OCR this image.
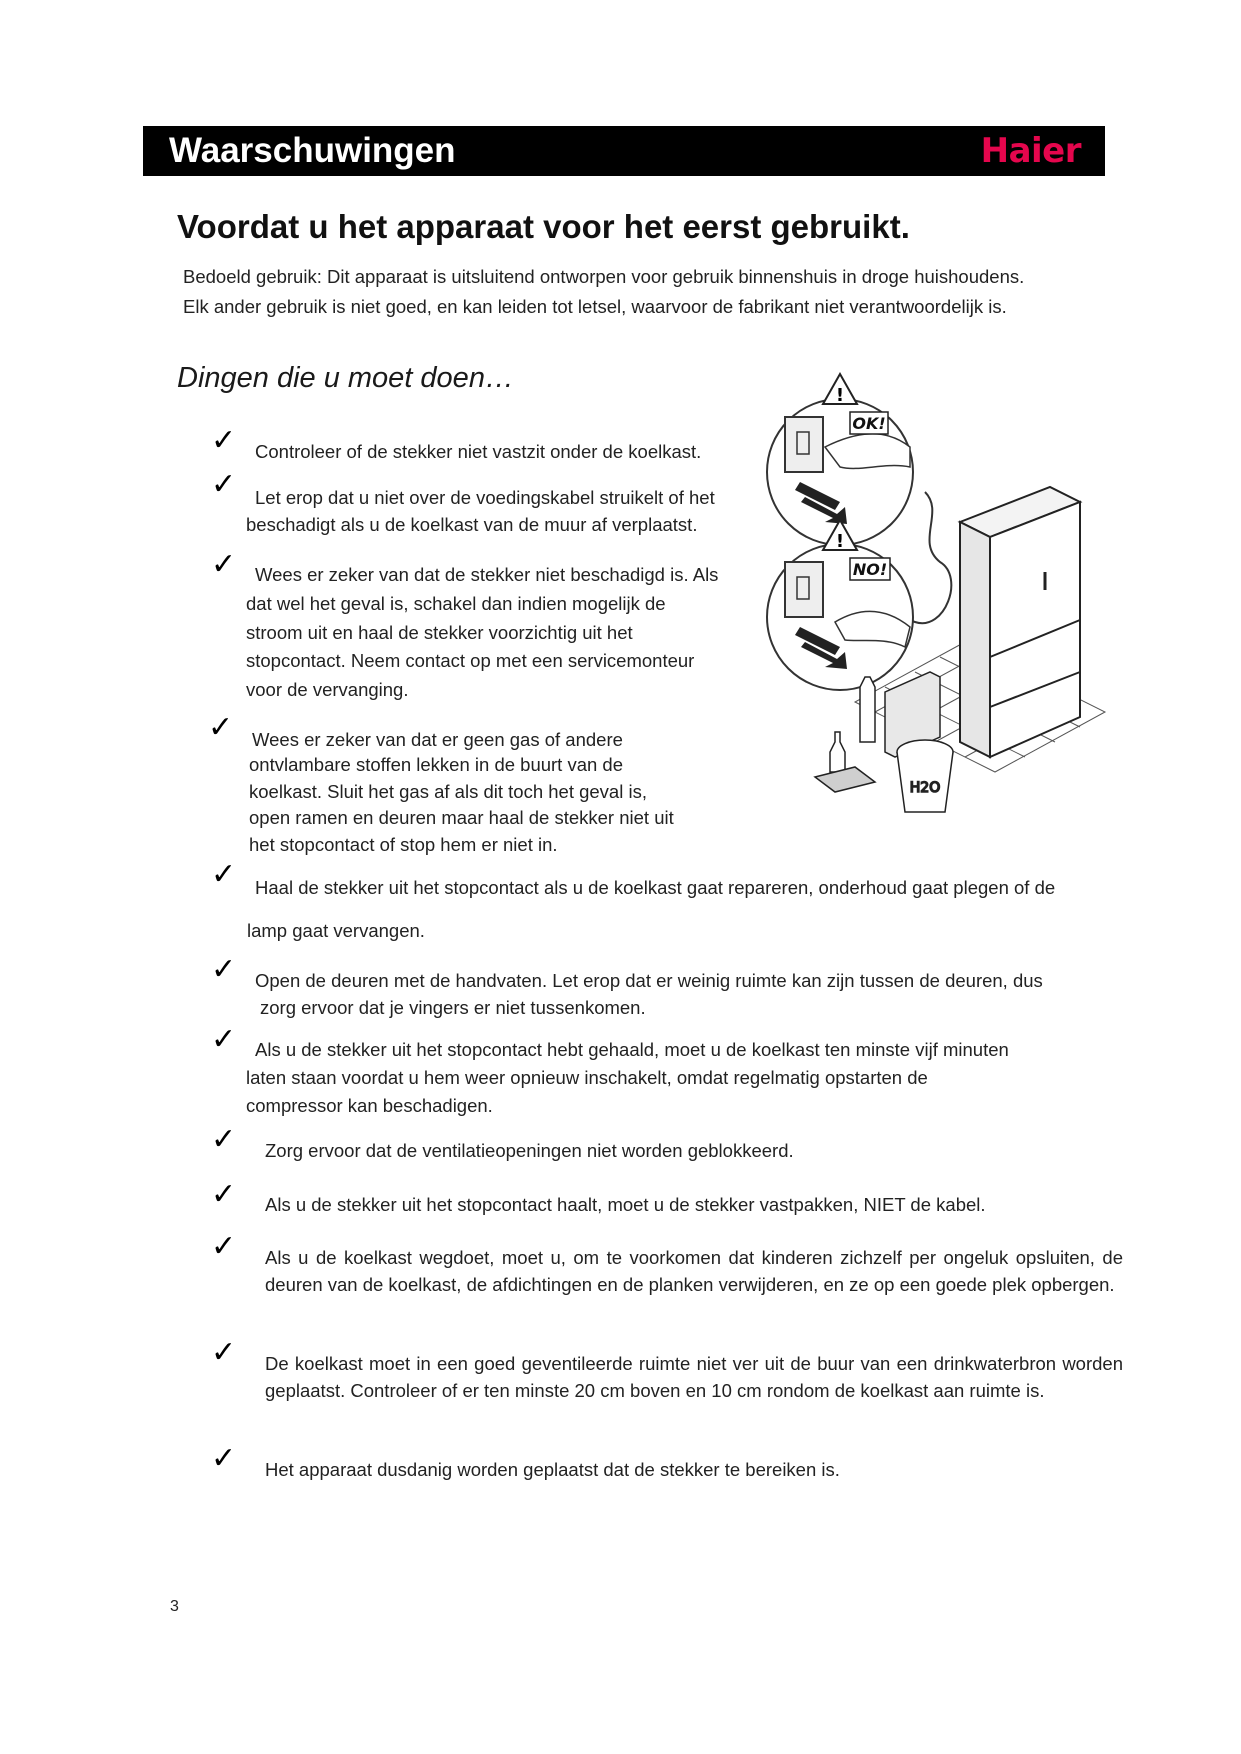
Waarschuwingen	Haier
Voordat u het apparaat voor het eerst gebruikt.

Bedoeld gebruik: Dit apparaat is uitsluitend ontworpen voor gebruik binnenshuis in droge huishoudens.

Elk ander gebruik is niet goed, en kan leiden tot letsel, waarvoor de fabrikant niet verantwoordelijk is.

Dingen die u moet doen…
OK!
!
NO!
!
H2O
✓ Controleer of de stekker niet vastzit onder de koelkast.
✓ Let erop dat u niet over de voedingskabel struikelt of het
beschadigt als u de koelkast van de muur af verplaatst.
✓ Wees er zeker van dat de stekker niet beschadigd is. Als
dat wel het geval is, schakel dan indien mogelijk de
stroom uit en haal de stekker voorzichtig uit het
stopcontact. Neem contact op met een servicemonteur
voor de vervanging.
✓ Wees er zeker van dat er geen gas of andere
ontvlambare stoffen lekken in de buurt van de
koelkast. Sluit het gas af als dit toch het geval is,
open ramen en deuren maar haal de stekker niet uit
het stopcontact of stop hem er niet in.
✓ Haal de stekker uit het stopcontact als u de koelkast gaat repareren, onderhoud gaat plegen of de
lamp gaat vervangen.
✓ Open de deuren met de handvaten. Let erop dat er weinig ruimte kan zijn tussen de deuren, dus
zorg ervoor dat je vingers er niet tussenkomen.
✓ Als u de stekker uit het stopcontact hebt gehaald, moet u de koelkast ten minste vijf minuten
laten staan voordat u hem weer opnieuw inschakelt, omdat regelmatig opstarten de
compressor kan beschadigen.
✓ Zorg ervoor dat de ventilatieopeningen niet worden geblokkeerd.
✓ Als u de stekker uit het stopcontact haalt, moet u de stekker vastpakken, NIET de kabel.
✓ Als u de koelkast wegdoet, moet u, om te voorkomen dat kinderen zichzelf per ongeluk opsluiten, de deuren van de koelkast, de afdichtingen en de planken verwijderen, en ze op een goede plek opbergen.
✓ De koelkast moet in een goed geventileerde ruimte niet ver uit de buur van een drinkwaterbron worden geplaatst. Controleer of er ten minste 20 cm boven en 10 cm rondom de koelkast aan ruimte is.
✓ Het apparaat dusdanig worden geplaatst dat de stekker te bereiken is.
3
